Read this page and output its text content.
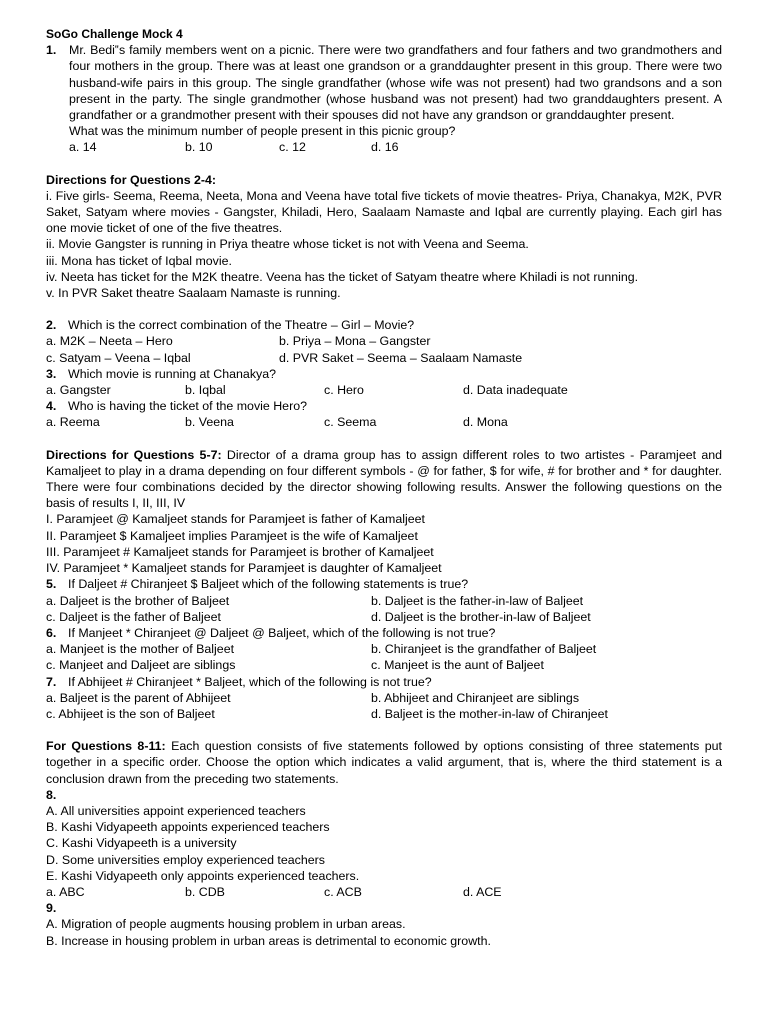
SoGo Challenge Mock 4
1.	Mr. Bedi‟s family members went on a picnic. There were two grandfathers and four fathers and two grandmothers and four mothers in the group. There was at least one grandson or a granddaughter present in this group. There were two husband-wife pairs in this group. The single grandfather (whose wife was not present) had two grandsons and a son present in the party. The single grandmother (whose husband was not present) had two granddaughters present. A grandfather or a grandmother present with their spouses did not have any grandson or granddaughter present.
What was the minimum number of people present in this picnic group?
a. 14	b. 10	c. 12	d. 16
Directions for Questions 2-4:
i. Five girls- Seema, Reema, Neeta, Mona and Veena have total five tickets of movie theatres- Priya, Chanakya, M2K, PVR Saket, Satyam where movies - Gangster, Khiladi, Hero, Saalaam Namaste and Iqbal are currently playing. Each girl has one movie ticket of one of the five theatres.
ii. Movie Gangster is running in Priya theatre whose ticket is not with Veena and Seema.
iii. Mona has ticket of Iqbal movie.
iv. Neeta has ticket for the M2K theatre. Veena has the ticket of Satyam theatre where Khiladi is not running.
v. In PVR Saket theatre Saalaam Namaste is running.
2. Which is the correct combination of the Theatre – Girl – Movie?
a. M2K – Neeta – Hero	b. Priya – Mona – Gangster
c. Satyam – Veena – Iqbal	d. PVR Saket – Seema – Saalaam Namaste
3. Which movie is running at Chanakya?
a. Gangster	b. Iqbal	c. Hero	d. Data inadequate
4. Who is having the ticket of the movie Hero?
a. Reema	b. Veena	c. Seema	d. Mona
Directions for Questions 5-7: Director of a drama group has to assign different roles to two artistes - Paramjeet and Kamaljeet to play in a drama depending on four different symbols - @ for father, $ for wife, # for brother and * for daughter. There were four combinations decided by the director showing following results. Answer the following questions on the basis of results I, II, III, IV
I. Paramjeet @ Kamaljeet stands for Paramjeet is father of Kamaljeet
II. Paramjeet $ Kamaljeet implies Paramjeet is the wife of Kamaljeet
III. Paramjeet # Kamaljeet stands for Paramjeet is brother of Kamaljeet
IV. Paramjeet * Kamaljeet stands for Paramjeet is daughter of Kamaljeet
5. If Daljeet # Chiranjeet $ Baljeet which of the following statements is true?
a. Daljeet is the brother of Baljeet	b. Daljeet is the father-in-law of Baljeet
c. Daljeet is the father of Baljeet	d. Daljeet is the brother-in-law of Baljeet
6. If Manjeet * Chiranjeet @ Daljeet @ Baljeet, which of the following is not true?
a. Manjeet is the mother of Baljeet	b. Chiranjeet is the grandfather of Baljeet
c. Manjeet and Daljeet are siblings	c. Manjeet is the aunt of Baljeet
7. If Abhijeet # Chiranjeet * Baljeet, which of the following is not true?
a. Baljeet is the parent of Abhijeet	b. Abhijeet and Chiranjeet are siblings
c. Abhijeet is the son of Baljeet	d. Baljeet is the mother-in-law of Chiranjeet
For Questions 8-11: Each question consists of five statements followed by options consisting of three statements put together in a specific order. Choose the option which indicates a valid argument, that is, where the third statement is a conclusion drawn from the preceding two statements.
8.
A. All universities appoint experienced teachers
B. Kashi Vidyapeeth appoints experienced teachers
C. Kashi Vidyapeeth is a university
D. Some universities employ experienced teachers
E. Kashi Vidyapeeth only appoints experienced teachers.
a. ABC	b. CDB	c. ACB	d. ACE
9.
A. Migration of people augments housing problem in urban areas.
B. Increase in housing problem in urban areas is detrimental to economic growth.
